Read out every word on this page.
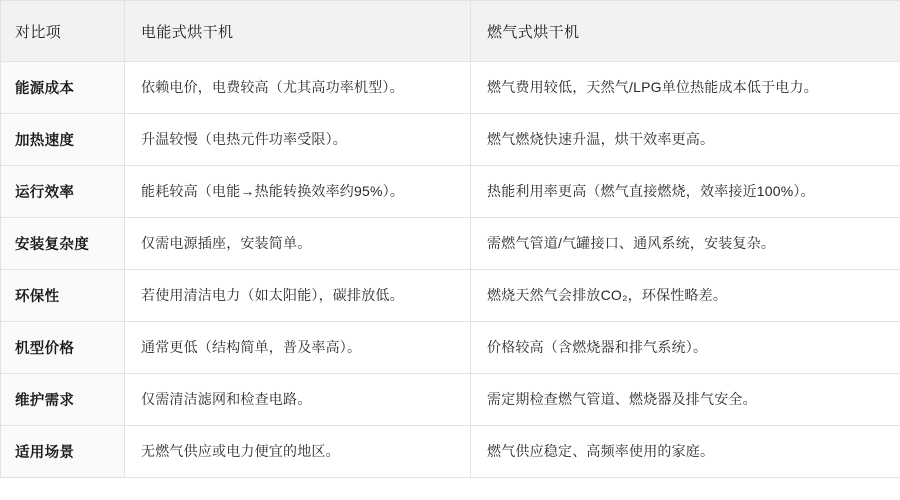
对比项	电能式烘干机	燃气式烘干机
能源成本	依赖电价，电费较高（尤其高功率机型）。	燃气费用较低，天然气/LPG单位热能成本低于电力。
加热速度	升温较慢（电热元件功率受限）。	燃气燃烧快速升温，烘干效率更高。
运行效率	能耗较高（电能→热能转换效率约95%）。	热能利用率更高（燃气直接燃烧，效率接近100%）。
安装复杂度	仅需电源插座，安装简单。	需燃气管道/气罐接口、通风系统，安装复杂。
环保性	若使用清洁电力（如太阳能），碳排放低。	燃烧天然气会排放CO₂，环保性略差。
机型价格	通常更低（结构简单，普及率高）。	价格较高（含燃烧器和排气系统）。
维护需求	仅需清洁滤网和检查电路。	需定期检查燃气管道、燃烧器及排气安全。
适用场景	无燃气供应或电力便宜的地区。	燃气供应稳定、高频率使用的家庭。
